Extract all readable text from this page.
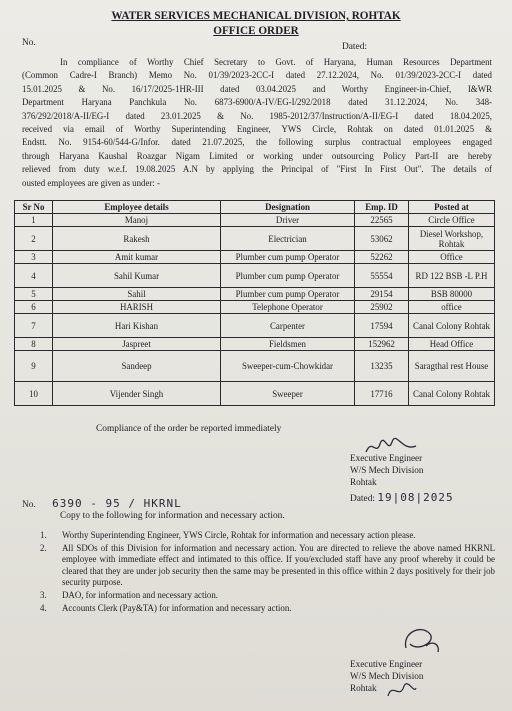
WATER SERVICES MECHANICAL DIVISION, ROHTAK
OFFICE ORDER
No.	Dated:
In compliance of Worthy Chief Secretary to Govt. of Haryana, Human Resources Department
(Common Cadre-I Branch) Memo No. 01/39/2023-2CC-I dated 27.12.2024, No. 01/39/2023-2CC-I dated
15.01.2025 & No. 16/17/2025-1HR-III dated 03.04.2025 and Worthy Engineer-in-Chief, I&WR
Department Haryana Panchkula No. 6873-6900/A-IV/EG-I/292/2018 dated 31.12.2024, No. 348-
376/292/2018/A-II/EG-I dated 23.01.2025 & No. 1985-2012/37/Instruction/A-II/EG-I dated 18.04.2025,
received via email of Worthy Superintending Engineer, YWS Circle, Rohtak on dated 01.01.2025 &
Endstt. No. 9154-60/544-G/Infor. dated 21.07.2025, the following surplus contractual employees engaged
through Haryana Kaushal Roazgar Nigam Limited or working under outsourcing Policy Part-II are hereby
relieved from duty w.e.f. 19.08.2025 A.N by applying the Principal of "First In First Out". The details of
ousted employees are given as under: -
Sr No	Employee details	Designation	Emp. ID	Posted at
1	Manoj	Driver	22565	Circle Office
2	Rakesh	Electrician	53062	Diesel Workshop, Rohtak
3	Amit kumar	Plumber cum pump Operator	52262	Office
4	Sahil Kumar	Plumber cum pump Operator	55554	RD 122 BSB -L P.H
5	Sahil	Plumber cum pump Operator	29154	BSB 80000
6	HARISH	Telephone Operator	25902	office
7	Hari Kishan	Carpenter	17594	Canal Colony Rohtak
8	Jaspreet	Fieldsmen	152962	Head Office
9	Sandeep	Sweeper-cum-Chowkidar	13235	Saragthal rest House
10	Vijender Singh	Sweeper	17716	Canal Colony Rohtak
Compliance of the order be reported immediately
Executive Engineer
W/S Mech Division
Rohtak
Dated: 19|08|2025
No. 6390 - 95 / HKRNL
Copy to the following for information and necessary action.
1. Worthy Superintending Engineer, YWS Circle, Rohtak for information and necessary action please.
2. All SDOs of this Division for information and necessary action. You are directed to relieve the above named HKRNL employee with immediate effect and intimated to this office. If you/excluded staff have any proof whereby it could be cleared that they are under job security then the same may be presented in this office within 2 days positively for their job security purpose.
3. DAO, for information and necessary action.
4. Accounts Clerk (Pay&TA) for information and necessary action.
Executive Engineer
W/S Mech Division
Rohtak
